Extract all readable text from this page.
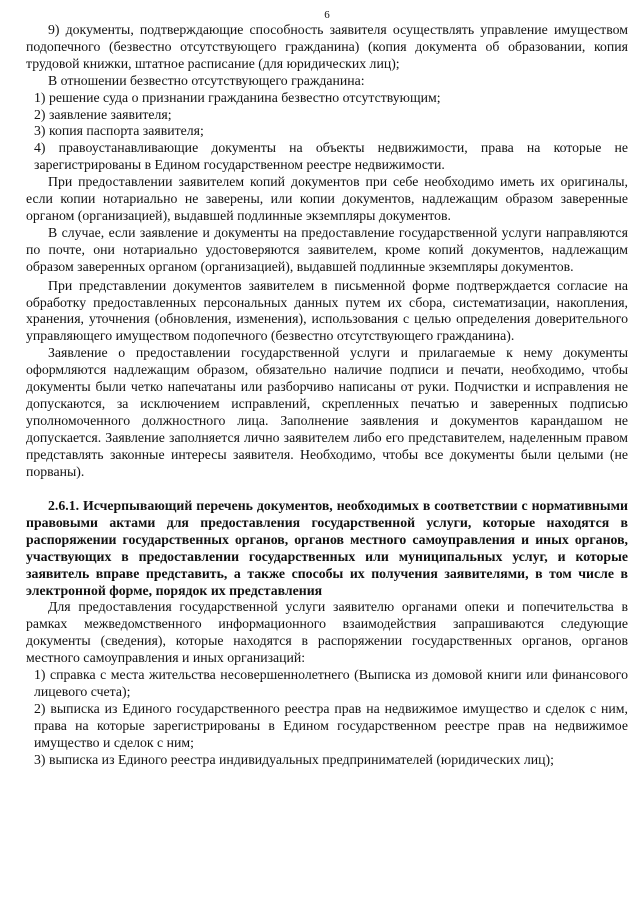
6

9) документы, подтверждающие способность заявителя осуществлять управление имуществом подопечного (безвестно отсутствующего гражданина) (копия документа об образовании, копия трудовой книжки, штатное расписание (для юридических лиц);

В отношении безвестно отсутствующего гражданина:

1) решение суда о признании гражданина безвестно отсутствующим;

2) заявление заявителя;

3) копия паспорта заявителя;

4) правоустанавливающие документы на объекты недвижимости, права на которые не зарегистрированы в Едином государственном реестре недвижимости.

При предоставлении заявителем копий документов при себе необходимо иметь их оригиналы, если копии нотариально не заверены, или копии документов, надлежащим образом заверенные органом (организацией), выдавшей подлинные экземпляры документов.

В случае, если заявление и документы на предоставление государственной услуги направляются по почте, они нотариально удостоверяются заявителем, кроме копий документов, надлежащим образом заверенных органом (организацией), выдавшей подлинные экземпляры документов.

При представлении документов заявителем в письменной форме подтверждается согласие на обработку предоставленных персональных данных путем их сбора, систематизации, накопления, хранения, уточнения (обновления, изменения), использования с целью определения доверительного управляющего имуществом подопечного (безвестно отсутствующего гражданина).

Заявление о предоставлении государственной услуги и прилагаемые к нему документы оформляются надлежащим образом, обязательно наличие подписи и печати, необходимо, чтобы документы были четко напечатаны или разборчиво написаны от руки. Подчистки и исправления не допускаются, за исключением исправлений, скрепленных печатью и заверенных подписью уполномоченного должностного лица. Заполнение заявления и документов карандашом не допускается. Заявление заполняется лично заявителем либо его представителем, наделенным правом представлять законные интересы заявителя. Необходимо, чтобы все документы были целыми (не порваны).

2.6.1. Исчерпывающий перечень документов, необходимых в соответствии с нормативными правовыми актами для предоставления государственной услуги, которые находятся в распоряжении государственных органов, органов местного самоуправления и иных органов, участвующих в предоставлении государственных или муниципальных услуг, и которые заявитель вправе представить, а также способы их получения заявителями, в том числе в электронной форме, порядок их представления

Для предоставления государственной услуги заявителю органами опеки и попечительства в рамках межведомственного информационного взаимодействия запрашиваются следующие документы (сведения), которые находятся в распоряжении государственных органов, органов местного самоуправления и иных организаций:

1) справка с места жительства несовершеннолетнего (Выписка из домовой книги или финансового лицевого счета);

2) выписка из Единого государственного реестра прав на недвижимое имущество и сделок с ним, права на которые зарегистрированы в Едином государственном реестре прав на недвижимое имущество и сделок с ним;

3) выписка из Единого реестра индивидуальных предпринимателей (юридических лиц);
